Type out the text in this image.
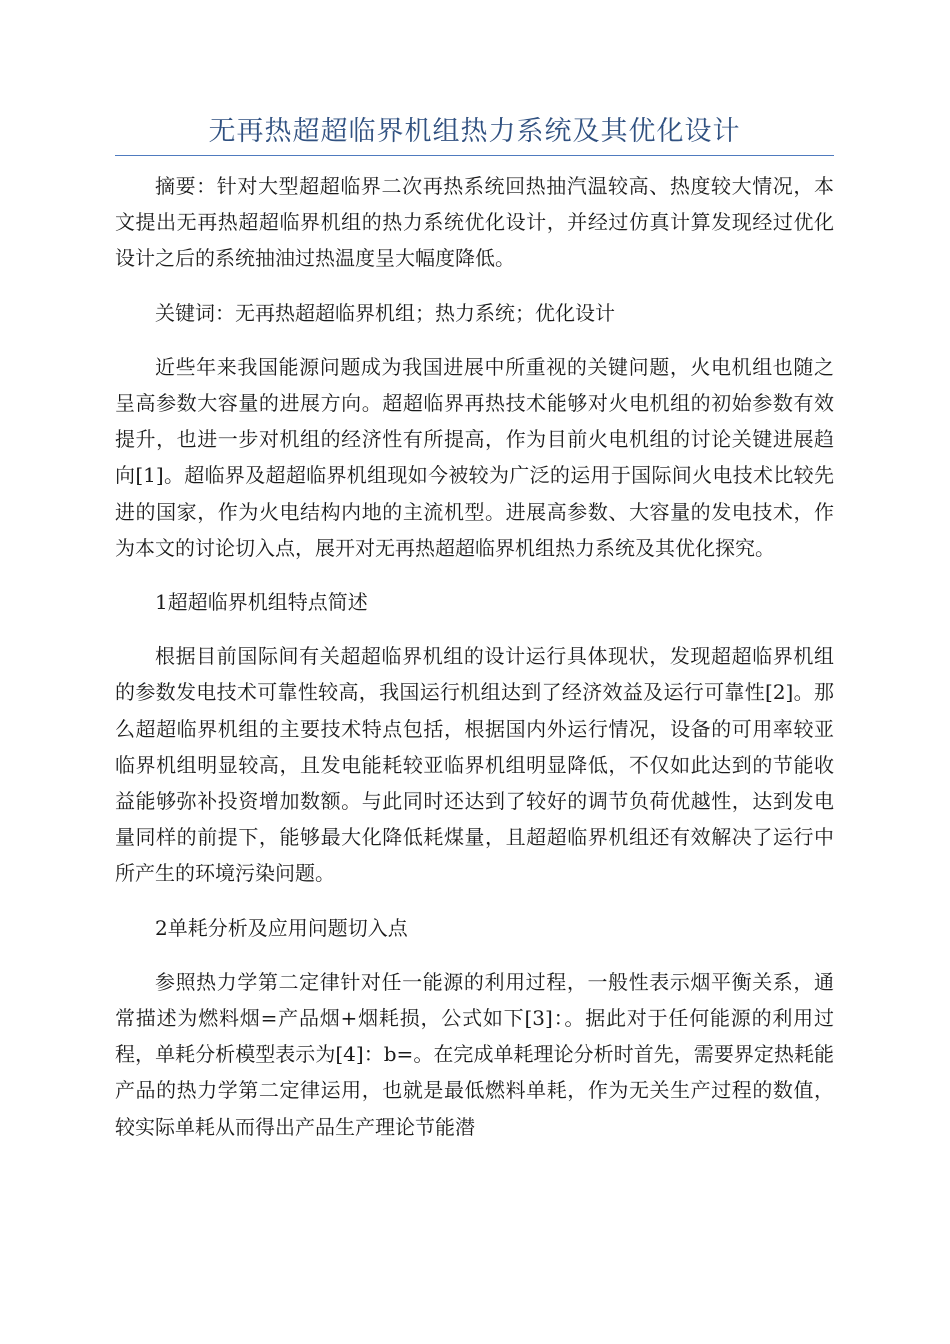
无再热超超临界机组热力系统及其优化设计

摘要：针对大型超超临界二次再热系统回热抽汽温较高、热度较大情况，本文提出无再热超超临界机组的热力系统优化设计，并经过仿真计算发现经过优化设计之后的系统抽油过热温度呈大幅度降低。

关键词：无再热超超临界机组；热力系统；优化设计

近些年来我国能源问题成为我国进展中所重视的关键问题，火电机组也随之呈高参数大容量的进展方向。超超临界再热技术能够对火电机组的初始参数有效提升，也进一步对机组的经济性有所提高，作为目前火电机组的讨论关键进展趋向[1]。超临界及超超临界机组现如今被较为广泛的运用于国际间火电技术比较先进的国家，作为火电结构内地的主流机型。进展高参数、大容量的发电技术，作为本文的讨论切入点，展开对无再热超超临界机组热力系统及其优化探究。

1超超临界机组特点简述

根据目前国际间有关超超临界机组的设计运行具体现状，发现超超临界机组的参数发电技术可靠性较高，我国运行机组达到了经济效益及运行可靠性[2]。那么超超临界机组的主要技术特点包括，根据国内外运行情况，设备的可用率较亚临界机组明显较高，且发电能耗较亚临界机组明显降低，不仅如此达到的节能收益能够弥补投资增加数额。与此同时还达到了较好的调节负荷优越性，达到发电量同样的前提下，能够最大化降低耗煤量，且超超临界机组还有效解决了运行中所产生的环境污染问题。

2单耗分析及应用问题切入点

参照热力学第二定律针对任一能源的利用过程，一般性表示烟平衡关系，通常描述为燃料烟=产品烟+烟耗损，公式如下[3]：。据此对于任何能源的利用过程，单耗分析模型表示为[4]：b=。在完成单耗理论分析时首先，需要界定热耗能产品的热力学第二定律运用，也就是最低燃料单耗，作为无关生产过程的数值，较实际单耗从而得出产品生产理论节能潜
